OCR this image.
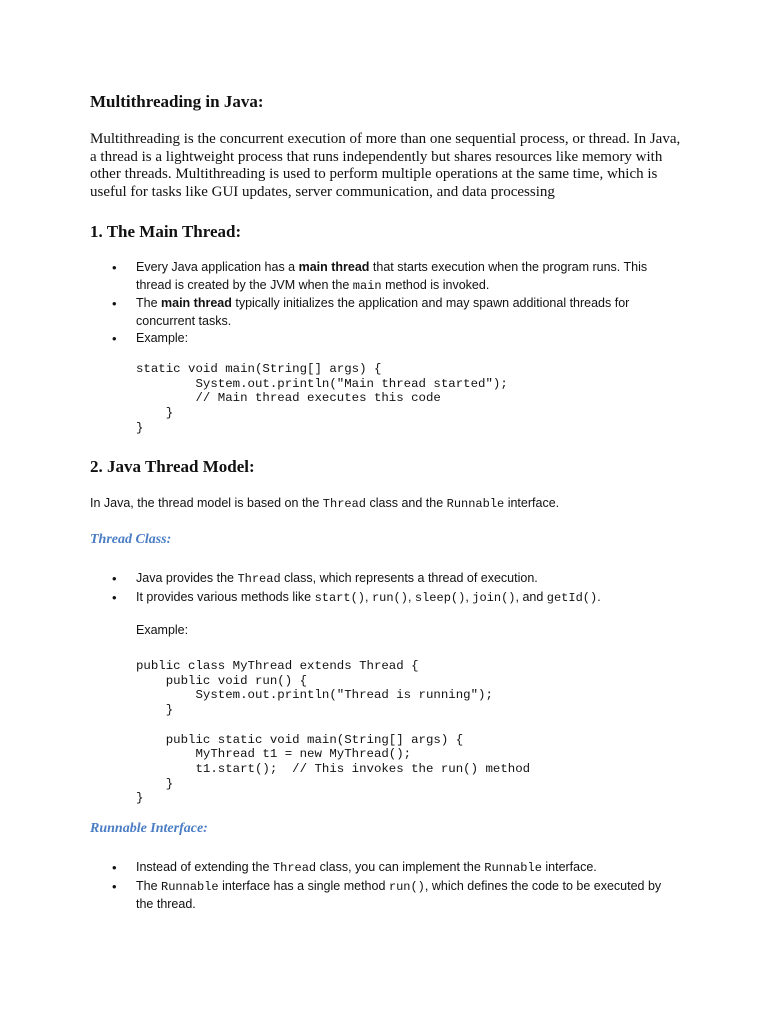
Multithreading in Java:

Multithreading is the concurrent execution of more than one sequential process, or thread. In Java, a thread is a lightweight process that runs independently but shares resources like memory with other threads. Multithreading is used to perform multiple operations at the same time, which is useful for tasks like GUI updates, server communication, and data processing

1. The Main Thread:
• Every Java application has a main thread that starts execution when the program runs. This thread is created by the JVM when the main method is invoked.
• The main thread typically initializes the application and may spawn additional threads for concurrent tasks.
• Example:
static void main(String[] args) {
System.out.println("Main thread started");
// Main thread executes this code
}
}
2. Java Thread Model:

In Java, the thread model is based on the Thread class and the Runnable interface.

Thread Class:
• Java provides the Thread class, which represents a thread of execution.
• It provides various methods like start(), run(), sleep(), join(), and getId().
Example:
public class MyThread extends Thread {
public void run() {
System.out.println("Thread is running");
}

public static void main(String[] args) {
MyThread t1 = new MyThread();
t1.start();  // This invokes the run() method
}
}
Runnable Interface:
• Instead of extending the Thread class, you can implement the Runnable interface.
• The Runnable interface has a single method run(), which defines the code to be executed by the thread.
